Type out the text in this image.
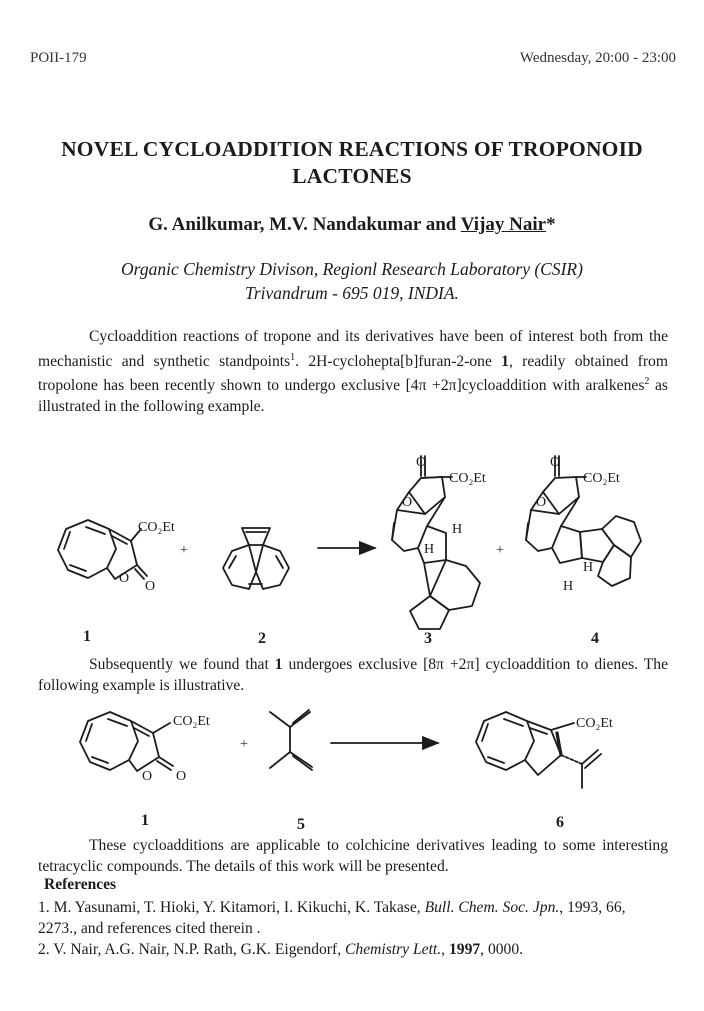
POII-179	Wednesday, 20:00 - 23:00
NOVEL CYCLOADDITION REACTIONS OF TROPONOID
LACTONES
G. Anilkumar, M.V. Nandakumar and Vijay Nair*
Organic Chemistry Divison, Regionl Research Laboratory (CSIR)
Trivandrum - 695 019, INDIA.
Cycloaddition reactions of tropone and its derivatives have been of interest both from the mechanistic and synthetic standpoints$^1$. 2H-cyclohepta[b]furan-2-one 1, readily obtained from tropolone has been recently shown to undergo exclusive [4π +2π]cycloaddition with aralkenes$^2$ as illustrated in the following example.
CO₂Et
O
O
+
CO₂Et
O
O
H
H	+
CO₂Et
O
O
H
H
CO₂Et
O O
+
CO₂Et
1	2	3	4
1	5	6
Subsequently we found that 1 undergoes exclusive [8π +2π] cycloaddition to dienes. The following example is illustrative.
These cycloadditions are applicable to colchicine derivatives leading to some interesting tetracyclic compounds. The details of this work will be presented.
References
1. M. Yasunami, T. Hioki, Y. Kitamori, I. Kikuchi, K. Takase, Bull. Chem. Soc. Jpn., 1993, 66, 2273., and references cited therein .
2. V. Nair, A.G. Nair, N.P. Rath, G.K. Eigendorf, Chemistry Lett., 1997, 0000.
